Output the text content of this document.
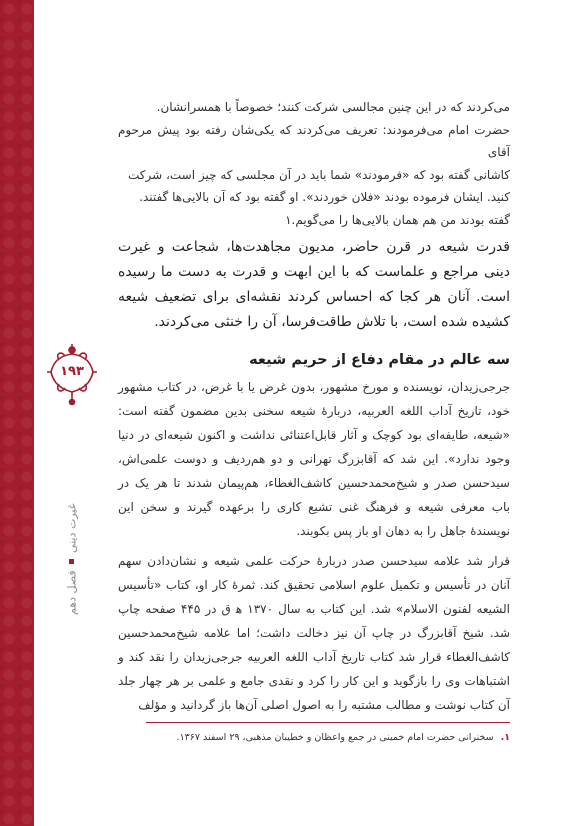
۱۹۳
فصل دهم
غیرت دینی

می‌کردند که در این چنین مجالسی شرکت کنند؛ خصوصاً با همسرانشان.

حضرت امام می‌فرمودند: تعریف می‌کردند که یکی‌شان رفته بود پیش مرحوم آقای

کاشانی گفته بود که «فرمودند» شما باید در آن مجلسی که چیز است، شرکت

کنید. ایشان فرموده بودند «فلان خوردند». او گفته بود که آن بالایی‌ها گفتند.

گفته بودند من هم همان بالایی‌ها را می‌گویم.۱

قدرت شیعه در قرن حاضر، مدیون مجاهدت‌ها، شجاعت و غیرت دینی مراجع و علماست که با این ابهت و قدرت به دست ما رسیده است. آنان هر کجا که احساس کردند نقشه‌ای برای تضعیف شیعه کشیده شده است، با تلاش طاقت‌فرسا، آن را خنثی می‌کردند.

سه عالم در مقام دفاع از حریم شیعه

جرجی‌زیدان، نویسنده و مورخ مشهور، بدون غرض یا با غرض، در کتاب مشهور خود، تاریخ آداب اللغه العربیه، دربارهٔ شیعه سخنی بدین مضمون گفته است: «شیعه، طایفه‌ای بود کوچک و آثار قابل‌اعتنائی نداشت و اکنون شیعه‌ای در دنیا وجود ندارد». این شد که آقابزرگ تهرانی و دو هم‌ردیف و دوست علمی‌اش، سیدحسن صدر و شیخ‌محمدحسین کاشف‌الغطاء، هم‌پیمان شدند تا هر یک در باب معرفی شیعه و فرهنگ غنی تشیع کاری را برعهده گیرند و سخن این نویسندهٔ جاهل را به دهان او باز پس بکوبند.

قرار شد علامه سیدحسن صدر دربارهٔ حرکت علمی شیعه و نشان‌دادن سهم آنان در تأسیس و تکمیل علوم اسلامی تحقیق کند. ثمرهٔ کار او، کتاب «تأسیس الشیعه لفنون الاسلام» شد. این کتاب به سال ۱۳۷۰ ه‍ ق در ۴۴۵ صفحه چاپ شد. شیخ آقابزرگ در چاپ آن نیز دخالت داشت؛ اما علامه شیخ‌محمدحسین کاشف‌الغطاء قرار شد کتاب تاریخ آداب اللغه العربیه جرجی‌زیدان را نقد کند و اشتباهات وی را بازگوید و این کار را کرد و نقدی جامع و علمی بر هر چهار جلد آن کتاب نوشت و مطالب مشتبه را به اصول اصلی آن‌ها باز گردانید و مؤلف

۱. سخنرانی حضرت امام خمینی در جمع واعظان و خطیبان مذهبی، ۲۹ اسفند ۱۳۶۷.
